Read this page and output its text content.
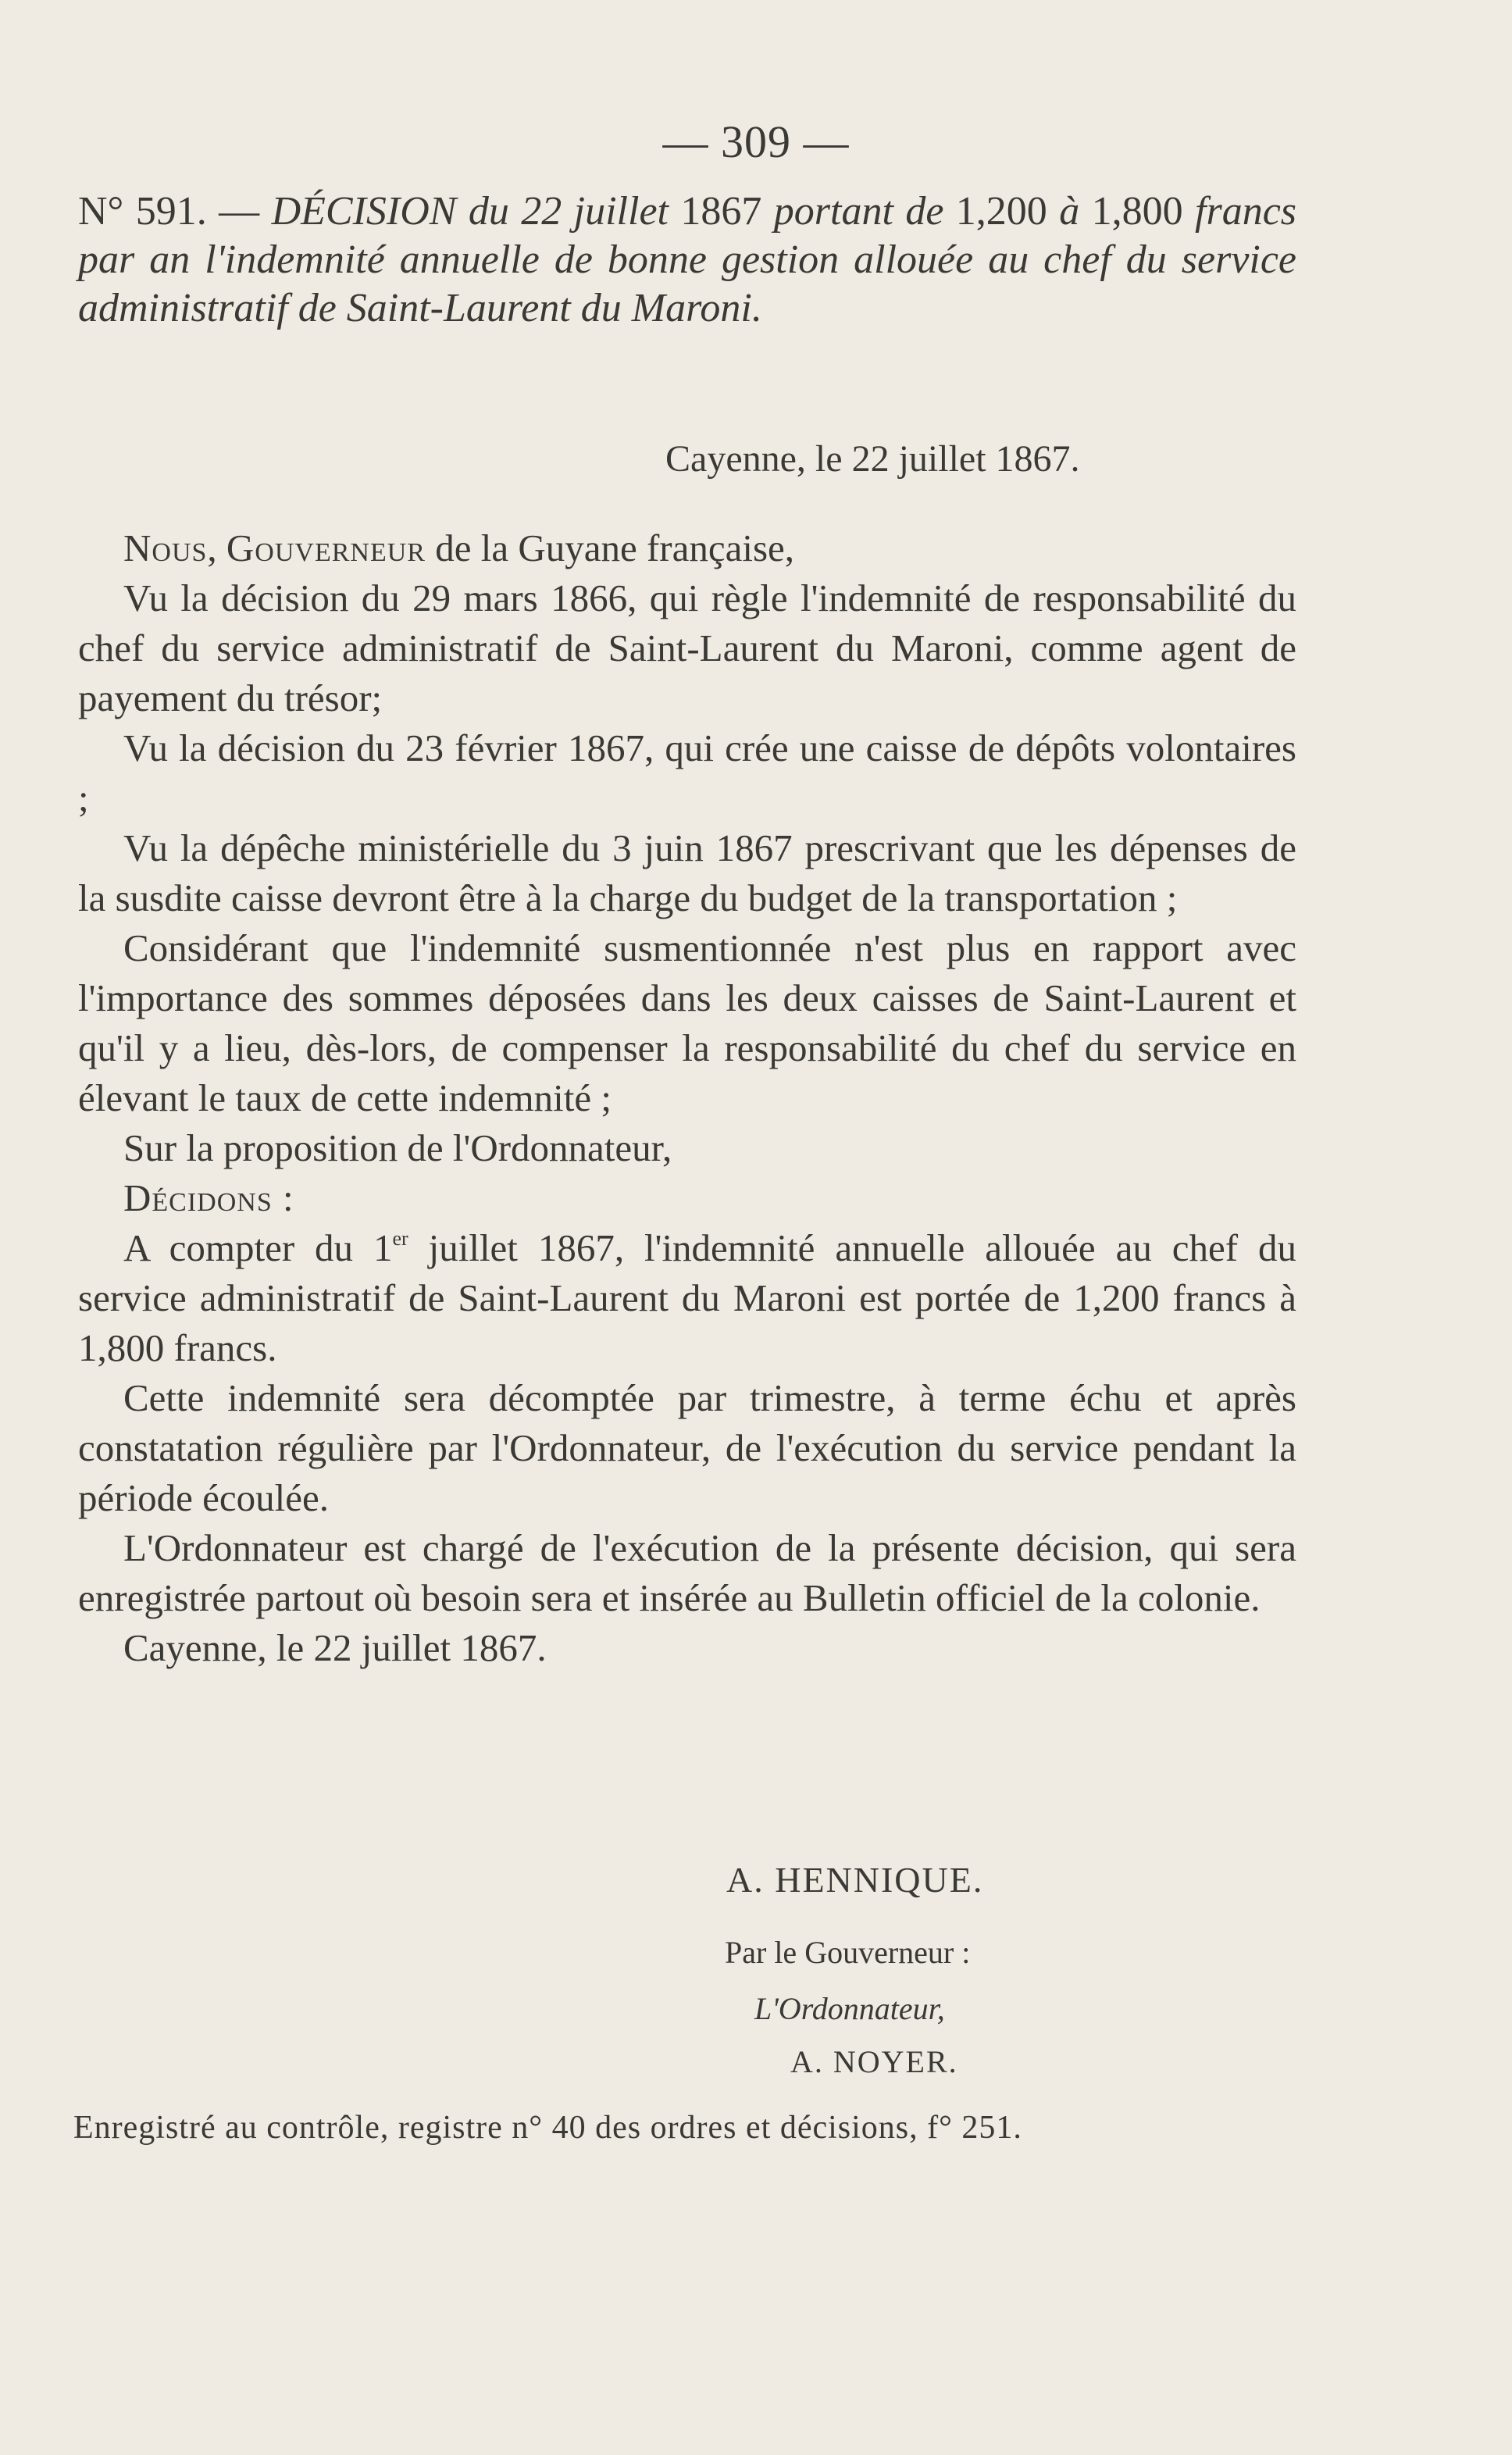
— 309 —
N° 591. — DÉCISION du 22 juillet 1867 portant de 1,200 à 1,800 francs par an l'indemnité annuelle de bonne gestion allouée au chef du service administratif de Saint-Laurent du Maroni.
Cayenne, le 22 juillet 1867.

Nous, Gouverneur de la Guyane française,

Vu la décision du 29 mars 1866, qui règle l'indemnité de responsabilité du chef du service administratif de Saint-Laurent du Maroni, comme agent de payement du trésor;

Vu la décision du 23 février 1867, qui crée une caisse de dépôts volontaires ;

Vu la dépêche ministérielle du 3 juin 1867 prescrivant que les dépenses de la susdite caisse devront être à la charge du budget de la transportation ;

Considérant que l'indemnité susmentionnée n'est plus en rapport avec l'importance des sommes déposées dans les deux caisses de Saint-Laurent et qu'il y a lieu, dès-lors, de compenser la responsabilité du chef du service en élevant le taux de cette indemnité ;

Sur la proposition de l'Ordonnateur,

Décidons :

A compter du 1er juillet 1867, l'indemnité annuelle allouée au chef du service administratif de Saint-Laurent du Maroni est portée de 1,200 francs à 1,800 francs.

Cette indemnité sera décomptée par trimestre, à terme échu et après constatation régulière par l'Ordonnateur, de l'exécution du service pendant la période écoulée.

L'Ordonnateur est chargé de l'exécution de la présente décision, qui sera enregistrée partout où besoin sera et insérée au Bulletin officiel de la colonie.

Cayenne, le 22 juillet 1867.

A. HENNIQUE.
Par le Gouverneur :
L'Ordonnateur,
A. NOYER.
Enregistré au contrôle, registre n° 40 des ordres et décisions, f° 251.
